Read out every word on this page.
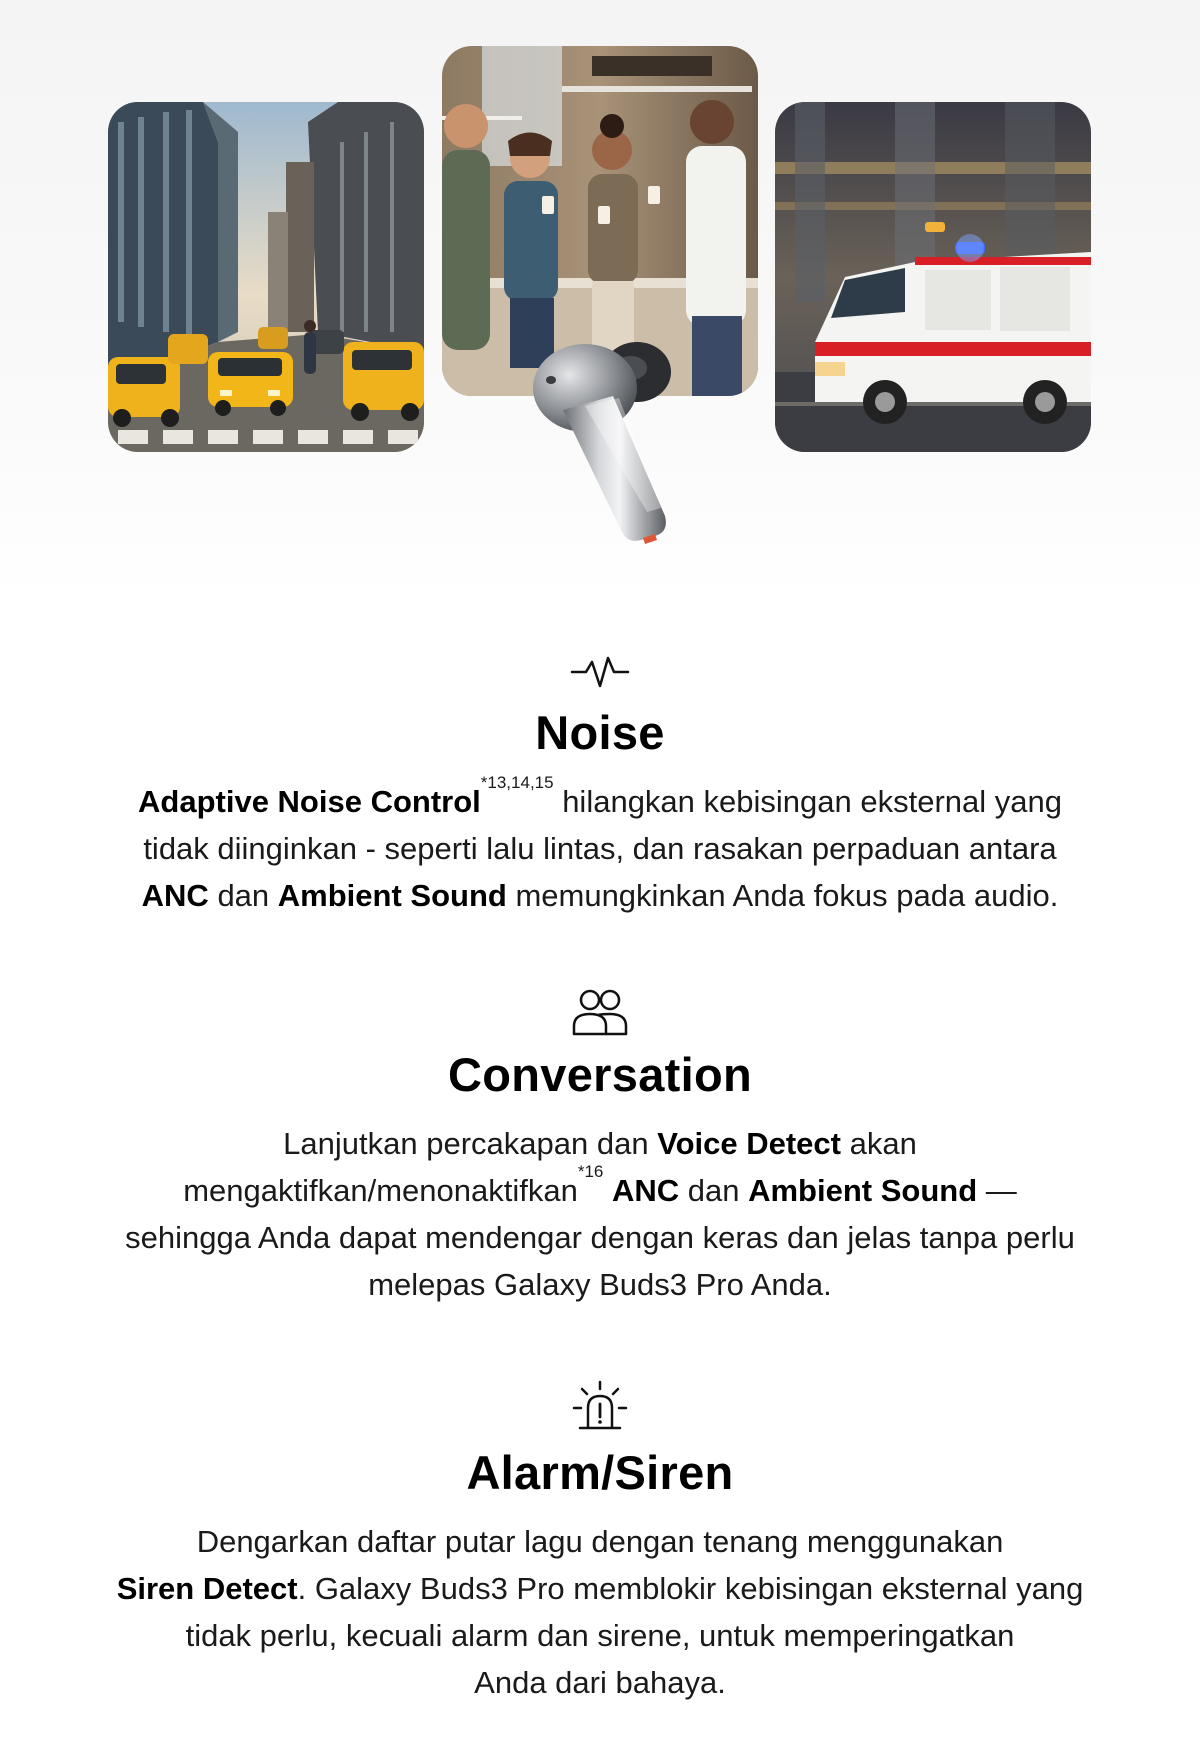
Noise

Adaptive Noise Control$^{*13,14,15}$ hilangkan kebisingan eksternal yang
tidak diinginkan - seperti lalu lintas, dan rasakan perpaduan antara
ANC dan Ambient Sound memungkinkan Anda fokus pada audio.

Conversation

Lanjutkan percakapan dan Voice Detect akan
mengaktifkan/menonaktifkan$^{*16}$ ANC dan Ambient Sound —
sehingga Anda dapat mendengar dengan keras dan jelas tanpa perlu
melepas Galaxy Buds3 Pro Anda.

Alarm/Siren

Dengarkan daftar putar lagu dengan tenang menggunakan
Siren Detect. Galaxy Buds3 Pro memblokir kebisingan eksternal yang
tidak perlu, kecuali alarm dan sirene, untuk memperingatkan
Anda dari bahaya.
